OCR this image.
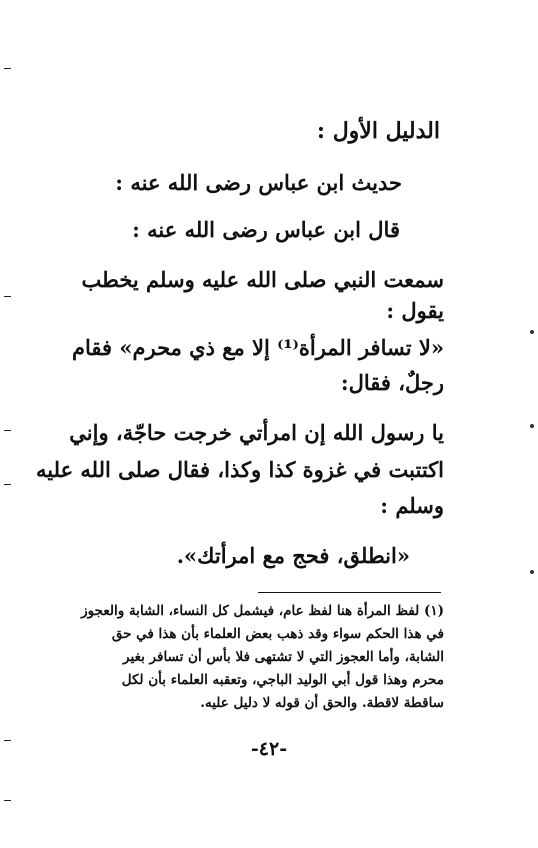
الدليل الأول :

حديث ابن عباس رضى الله عنه :

قال ابن عباس رضى الله عنه :

سمعت النبي صلى الله عليه وسلم يخطب

يقول :

«لا تسافر المرأة⁽¹⁾ إلا مع ذي محرم» فقام

رجلٌ، فقال:

يا رسول الله إن امرأتي خرجت حاجّة، وإني

اكتتبت في غزوة كذا وكذا، فقال صلى الله عليه

وسلم :

«انطلق، فحج مع امرأتك».

(١) لفظ المرأة هنا لفظ عام، فيشمل كل النساء، الشابة والعجوز

في هذا الحكم سواء وقد ذهب بعض العلماء بأن هذا في حق

الشابة، وأما العجوز التي لا تشتهى فلا بأس أن تسافر بغير

محرم وهذا قول أبي الوليد الباجي، وتعقبه العلماء بأن لكل

ساقطة لاقطة. والحق أن قوله لا دليل عليه.

-٤٢-
